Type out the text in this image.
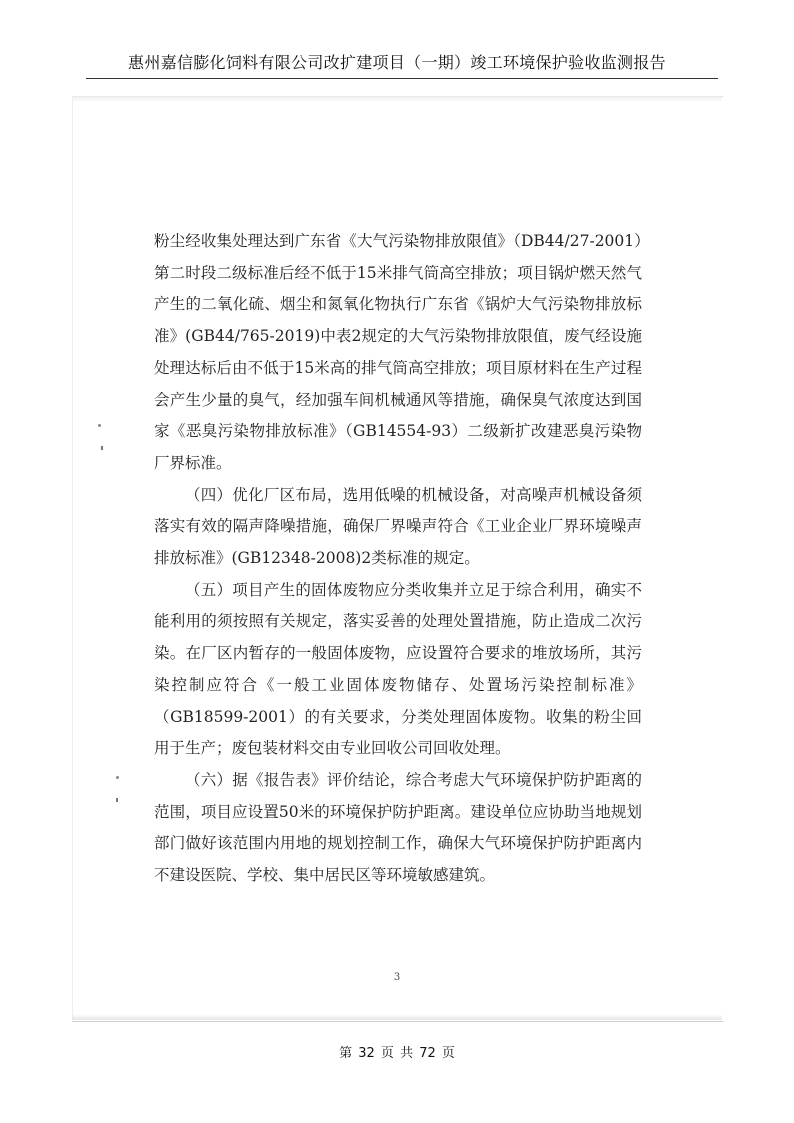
惠州嘉信膨化饲料有限公司改扩建项目（一期）竣工环境保护验收监测报告

粉尘经收集处理达到广东省《大气污染物排放限值》（DB44/27-2001）第二时段二级标准后经不低于15米排气筒高空排放；项目锅炉燃天然气产生的二氧化硫、烟尘和氮氧化物执行广东省《锅炉大气污染物排放标准》(GB44/765-2019)中表2规定的大气污染物排放限值，废气经设施处理达标后由不低于15米高的排气筒高空排放；项目原材料在生产过程会产生少量的臭气，经加强车间机械通风等措施，确保臭气浓度达到国家《恶臭污染物排放标准》（GB14554-93）二级新扩改建恶臭污染物厂界标准。

（四）优化厂区布局，选用低噪的机械设备，对高噪声机械设备须落实有效的隔声降噪措施，确保厂界噪声符合《工业企业厂界环境噪声排放标准》(GB12348-2008)2类标准的规定。

（五）项目产生的固体废物应分类收集并立足于综合利用，确实不能利用的须按照有关规定，落实妥善的处理处置措施，防止造成二次污染。在厂区内暂存的一般固体废物，应设置符合要求的堆放场所，其污染控制应符合《一般工业固体废物储存、处置场污染控制标准》（GB18599-2001）的有关要求，分类处理固体废物。收集的粉尘回用于生产；废包装材料交由专业回收公司回收处理。

（六）据《报告表》评价结论，综合考虑大气环境保护防护距离的范围，项目应设置50米的环境保护防护距离。建设单位应协助当地规划部门做好该范围内用地的规划控制工作，确保大气环境保护防护距离内不建设医院、学校、集中居民区等环境敏感建筑。

3
第 32 页 共 72 页
